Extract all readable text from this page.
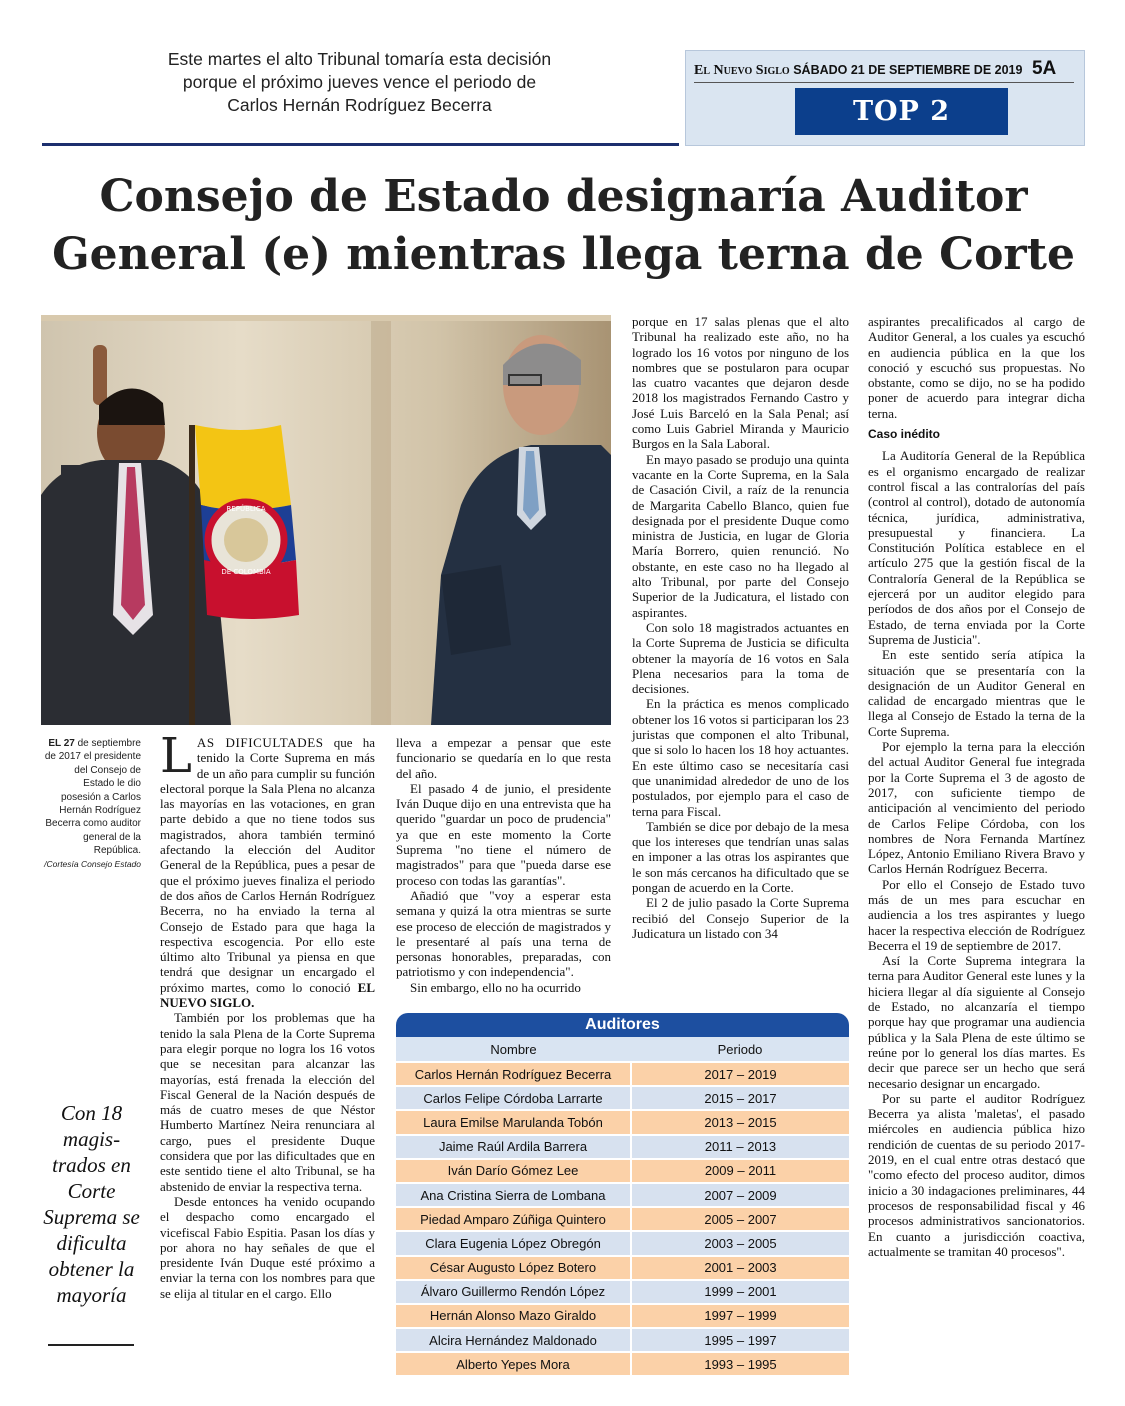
Este martes el alto Tribunal tomaría esta decisión
porque el próximo jueves vence el periodo de
Carlos Hernán Rodríguez Becerra
El Nuevo Siglo SÁBADO 21 DE SEPTIEMBRE DE 2019 5A
TOP 2
Consejo de Estado designaría Auditor
General (e) mientras llega terna de Corte
REPÚBLICA
DE COLOMBIA
EL 27 de septiembre de 2017 el presidente del Consejo de Estado le dio posesión a Carlos Hernán Rodríguez Becerra como auditor general de la República.
/Cortesía Consejo Estado
Con 18 magis-trados en Corte Suprema se dificulta obtener la mayoría

LAS DIFICULTADES que ha tenido la Corte Suprema en más de un año para cumplir su función electoral porque la Sala Plena no alcanza las mayorías en las votaciones, en gran parte debido a que no tiene todos sus magistrados, ahora también terminó afectando la elección del Auditor General de la República, pues a pesar de que el próximo jueves finaliza el periodo de dos años de Carlos Hernán Rodríguez Becerra, no ha enviado la terna al Consejo de Estado para que haga la respectiva escogencia. Por ello este último alto Tribunal ya piensa en que tendrá que designar un encargado el próximo martes, como lo conoció EL NUEVO SIGLO.

También por los problemas que ha tenido la sala Plena de la Corte Suprema para elegir porque no logra los 16 votos que se necesitan para alcanzar las mayorías, está frenada la elección del Fiscal General de la Nación después de más de cuatro meses de que Néstor Humberto Martínez Neira renunciara al cargo, pues el presidente Duque considera que por las dificultades que en este sentido tiene el alto Tribunal, se ha abstenido de enviar la respectiva terna.

Desde entonces ha venido ocupando el despacho como encargado el vicefiscal Fabio Espitia. Pasan los días y por ahora no hay señales de que el presidente Iván Duque esté próximo a enviar la terna con los nombres para que se elija al titular en el cargo. Ello

lleva a empezar a pensar que este funcionario se quedaría en lo que resta del año.

El pasado 4 de junio, el presidente Iván Duque dijo en una entrevista que ha querido "guardar un poco de prudencia" ya que en este momento la Corte Suprema "no tiene el número de magistrados" para que "pueda darse ese proceso con todas las garantías".

Añadió que "voy a esperar esta semana y quizá la otra mientras se surte ese proceso de elección de magistrados y le presentaré al país una terna de personas honorables, preparadas, con patriotismo y con independencia".

Sin embargo, ello no ha ocurrido

porque en 17 salas plenas que el alto Tribunal ha realizado este año, no ha logrado los 16 votos por ninguno de los nombres que se postularon para ocupar las cuatro vacantes que dejaron desde 2018 los magistrados Fernando Castro y José Luis Barceló en la Sala Penal; así como Luis Gabriel Miranda y Mauricio Burgos en la Sala Laboral.

En mayo pasado se produjo una quinta vacante en la Corte Suprema, en la Sala de Casación Civil, a raíz de la renuncia de Margarita Cabello Blanco, quien fue designada por el presidente Duque como ministra de Justicia, en lugar de Gloria María Borrero, quien renunció. No obstante, en este caso no ha llegado al alto Tribunal, por parte del Consejo Superior de la Judicatura, el listado con aspirantes.

Con solo 18 magistrados actuantes en la Corte Suprema de Justicia se dificulta obtener la mayoría de 16 votos en Sala Plena necesarios para la toma de decisiones.

En la práctica es menos complicado obtener los 16 votos si participaran los 23 juristas que componen el alto Tribunal, que si solo lo hacen los 18 hoy actuantes. En este último caso se necesitaría casi que unanimidad alrededor de uno de los postulados, por ejemplo para el caso de terna para Fiscal.

También se dice por debajo de la mesa que los intereses que tendrían unas salas en imponer a las otras los aspirantes que le son más cercanos ha dificultado que se pongan de acuerdo en la Corte.

El 2 de julio pasado la Corte Suprema recibió del Consejo Superior de la Judicatura un listado con 34

aspirantes precalificados al cargo de Auditor General, a los cuales ya escuchó en audiencia pública en la que los conoció y escuchó sus propuestas. No obstante, como se dijo, no se ha podido poner de acuerdo para integrar dicha terna.

Caso inédito

La Auditoría General de la República es el organismo encargado de realizar control fiscal a las contralorías del país (control al control), dotado de autonomía técnica, jurídica, administrativa, presupuestal y financiera. La Constitución Política establece en el artículo 275 que la gestión fiscal de la Contraloría General de la República se ejercerá por un auditor elegido para períodos de dos años por el Consejo de Estado, de terna enviada por la Corte Suprema de Justicia".

En este sentido sería atípica la situación que se presentaría con la designación de un Auditor General en calidad de encargado mientras que le llega al Consejo de Estado la terna de la Corte Suprema.

Por ejemplo la terna para la elección del actual Auditor General fue integrada por la Corte Suprema el 3 de agosto de 2017, con suficiente tiempo de anticipación al vencimiento del periodo de Carlos Felipe Córdoba, con los nombres de Nora Fernanda Martínez López, Antonio Emiliano Rivera Bravo y Carlos Hernán Rodríguez Becerra.

Por ello el Consejo de Estado tuvo más de un mes para escuchar en audiencia a los tres aspirantes y luego hacer la respectiva elección de Rodríguez Becerra el 19 de septiembre de 2017.

Así la Corte Suprema integrara la terna para Auditor General este lunes y la hiciera llegar al día siguiente al Consejo de Estado, no alcanzaría el tiempo porque hay que programar una audiencia pública y la Sala Plena de este último se reúne por lo general los días martes. Es decir que parece ser un hecho que será necesario designar un encargado.

Por su parte el auditor Rodríguez Becerra ya alista 'maletas', el pasado miércoles en audiencia pública hizo rendición de cuentas de su periodo 2017-2019, en el cual entre otras destacó que "como efecto del proceso auditor, dimos inicio a 30 indagaciones preliminares, 44 procesos de responsabilidad fiscal y 46 procesos administrativos sancionatorios. En cuanto a jurisdicción coactiva, actualmente se tramitan 40 procesos".

Auditores
Nombre	Periodo
Carlos Hernán Rodríguez Becerra	2017 – 2019
Carlos Felipe Córdoba Larrarte	2015 – 2017
Laura Emilse Marulanda Tobón	2013 – 2015
Jaime Raúl Ardila Barrera	2011 – 2013
Iván Darío Gómez Lee	2009 – 2011
Ana Cristina Sierra de Lombana	2007 – 2009
Piedad Amparo Zúñiga Quintero	2005 – 2007
Clara Eugenia López Obregón	2003 – 2005
César Augusto López Botero	2001 – 2003
Álvaro Guillermo Rendón López	1999 – 2001
Hernán Alonso Mazo Giraldo	1997 – 1999
Alcira Hernández Maldonado	1995 – 1997
Alberto Yepes Mora	1993 – 1995
